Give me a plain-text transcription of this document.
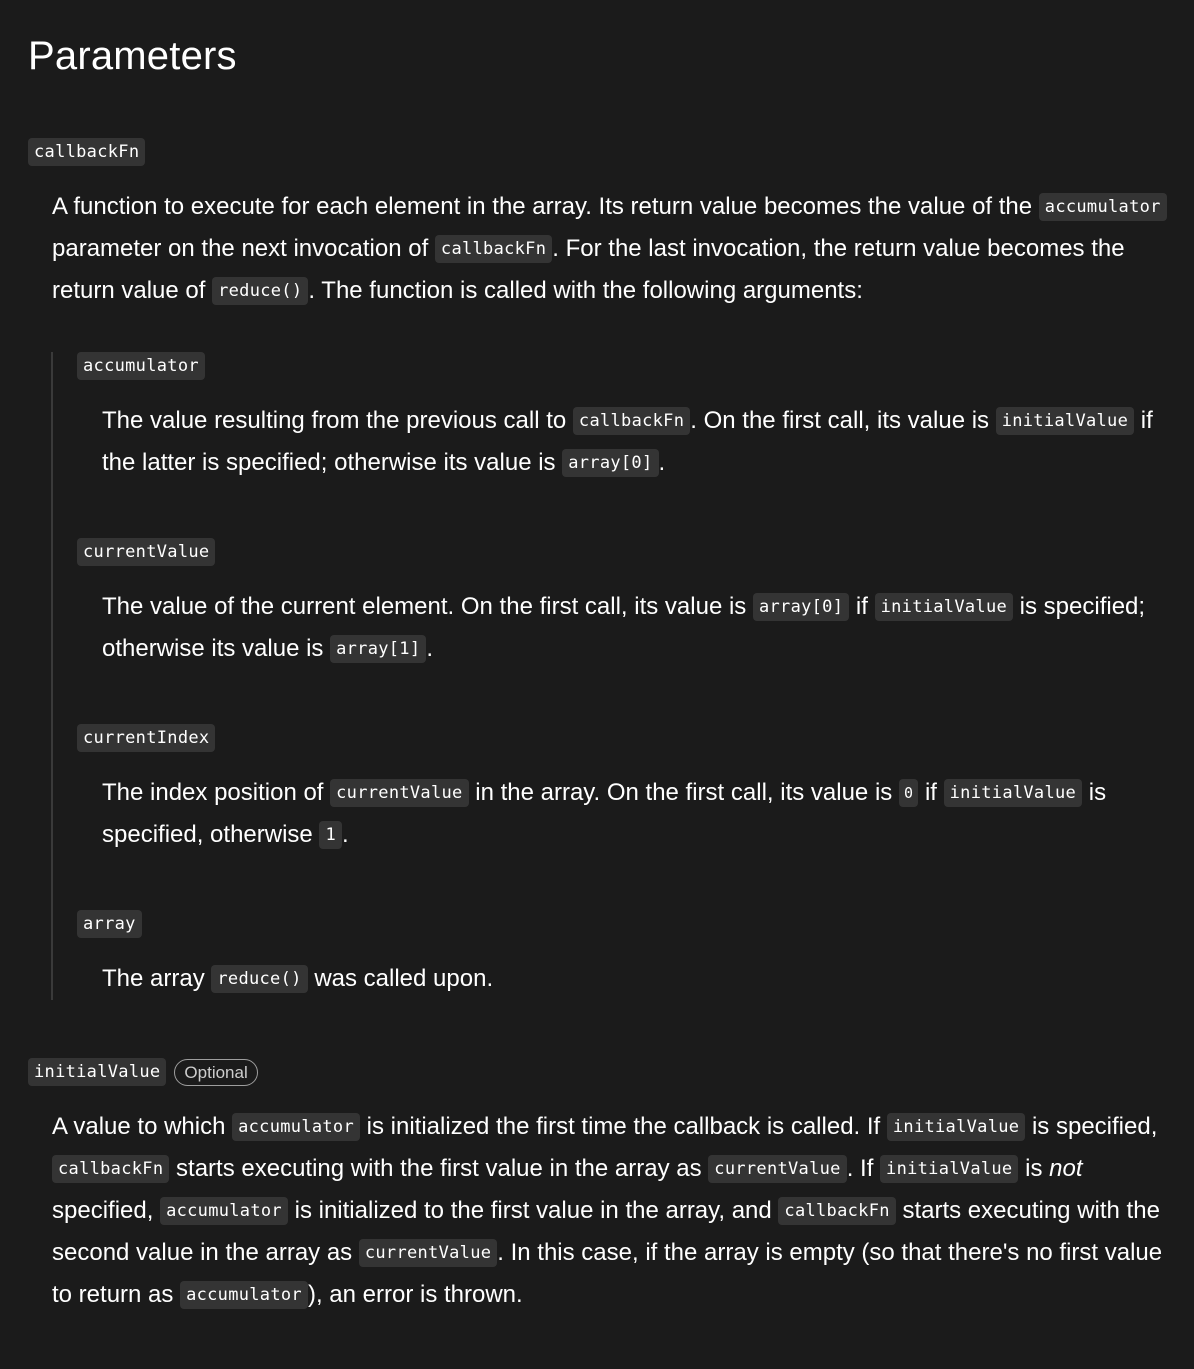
Parameters
callbackFn

A function to execute for each element in the array. Its return value becomes the value of the accumulator parameter on the next invocation of callbackFn . For the last invocation, the return value becomes the return value of reduce() . The function is called with the following arguments:

accumulator

The value resulting from the previous call to callbackFn . On the first call, its value is initialValue if the latter is specified; otherwise its value is array[0] .

currentValue

The value of the current element. On the first call, its value is array[0] if initialValue is specified; otherwise its value is array[1] .

currentIndex

The index position of currentValue in the array. On the first call, its value is 0 if initialValue is specified, otherwise 1 .

array

The array reduce() was called upon.

initialValue	Optional

A value to which accumulator is initialized the first time the callback is called. If initialValue is specified, callbackFn starts executing with the first value in the array as currentValue . If initialValue is not specified, accumulator is initialized to the first value in the array, and callbackFn starts executing with the second value in the array as currentValue . In this case, if the array is empty (so that there's no first value to return as accumulator ), an error is thrown.
